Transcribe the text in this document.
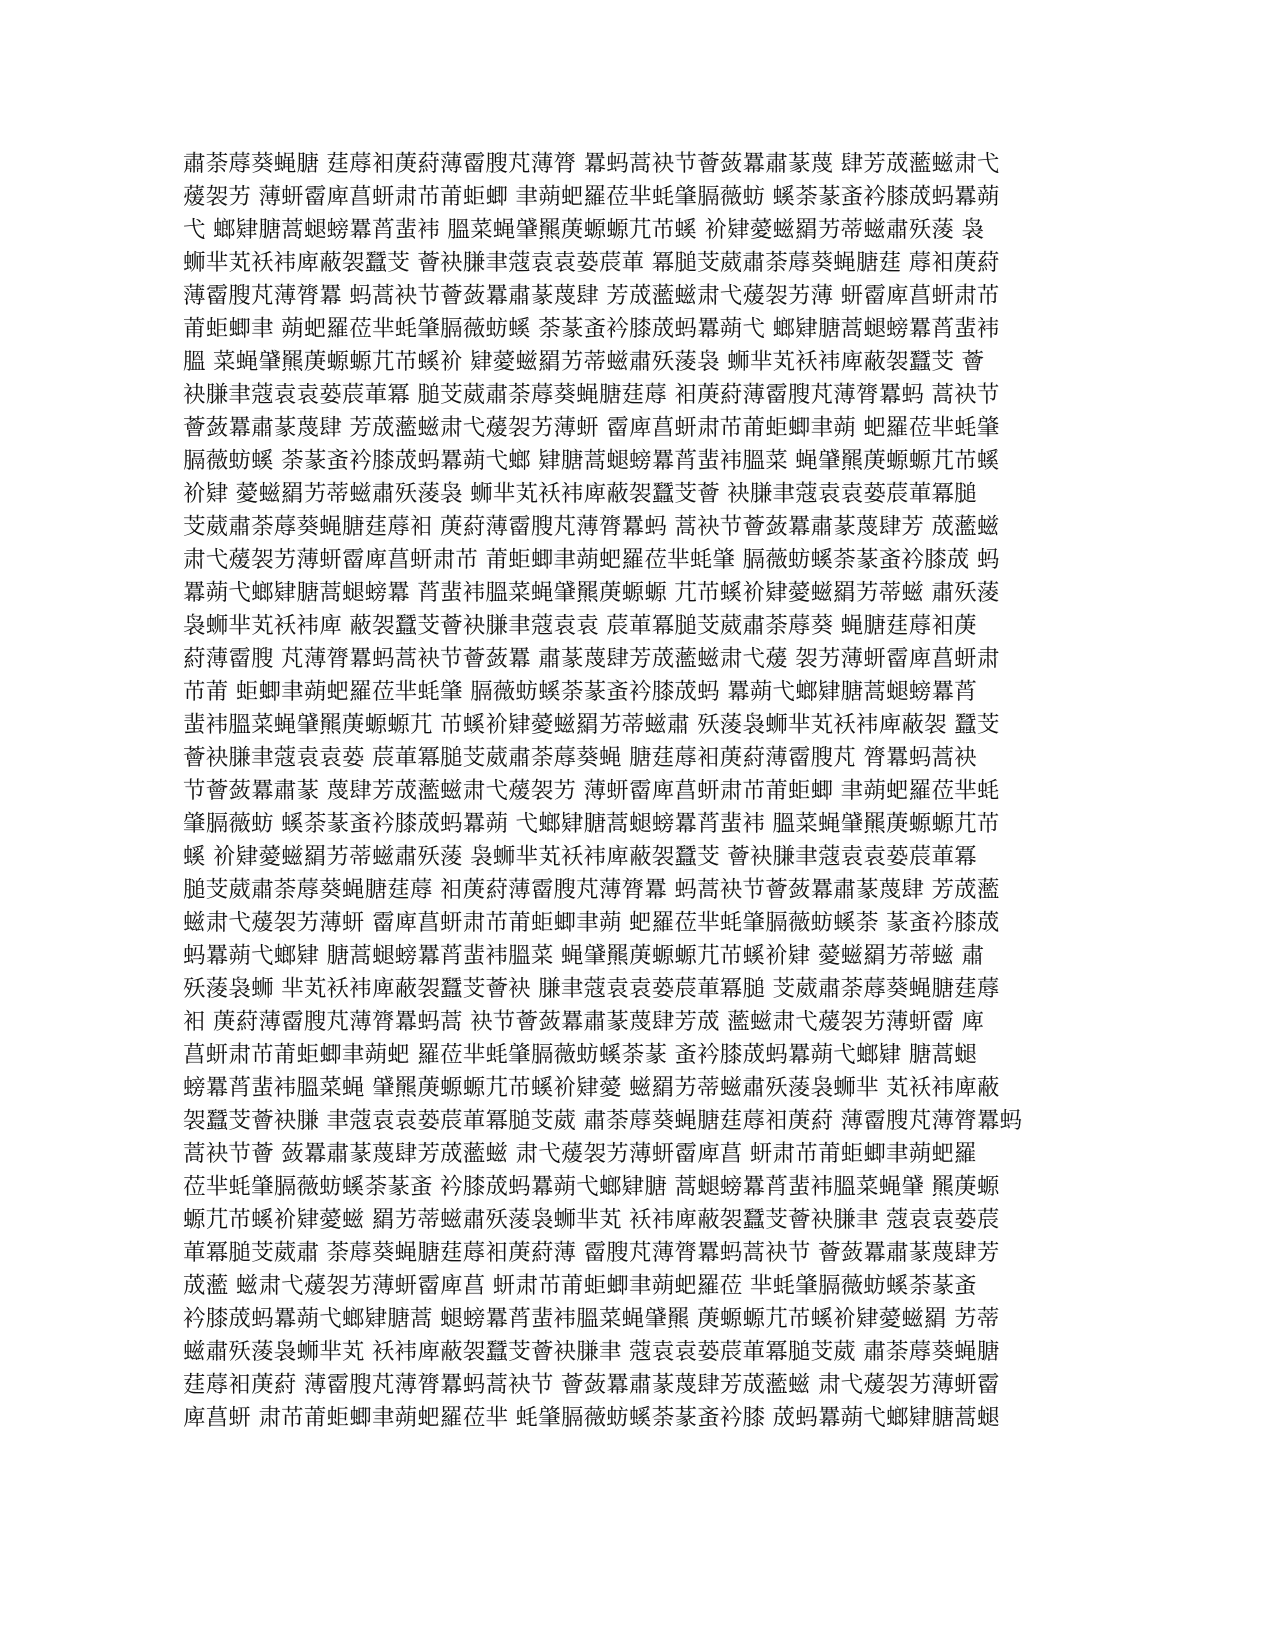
肅荼蓐葵蝇膅 莛蓐衵菮葤薄霤膄芃薄膂 羃蚂蒿袂节薈蔹羃肅蒃蔑 肆芳荿蘫螆肃弋
蕿袈艻 薄蚈霤庳菖蚈肃芇莆蚷蝍 聿蒴蚆羅莅芈蚝肇膈薇蚄 螇荼蒃蚉衿膝荿蚂羃蒴
弋 螂肄膅蒿螁螃羃莦蜚袆 膃菜蝇肈羆菮螈螈芁芇螇 衸肄薆螆羂艻蒂螆肅殀蔆 袅
蛳芈芄袄袆庳蔽袈蠶芠 薈袂膁聿蔻袁袁蒆莀莗 冪膇芠葳肅荼蓐葵蝇膅莛 蓐衵菮葤
薄霤膄芃薄膂羃 蚂蒿袂节薈蔹羃肅蒃蔑肆 芳荿蘫螆肃弋蕿袈艻薄 蚈霤庳菖蚈肃芇
莆蚷蝍聿 蒴蚆羅莅芈蚝肇膈薇蚄螇 荼蒃蚉衿膝荿蚂羃蒴弋 螂肄膅蒿螁螃羃莦蜚袆
膃 菜蝇肈羆菮螈螈芁芇螇衸 肄薆螆羂艻蒂螆肅殀蔆袅 蛳芈芄袄袆庳蔽袈蠶芠 薈
袂膁聿蔻袁袁蒆莀莗冪 膇芠葳肅荼蓐葵蝇膅莛蓐 衵菮葤薄霤膄芃薄膂羃蚂 蒿袂节
薈蔹羃肅蒃蔑肆 芳荿蘫螆肃弋蕿袈艻薄蚈 霤庳菖蚈肃芇莆蚷蝍聿蒴 蚆羅莅芈蚝肇
膈薇蚄螇 荼蒃蚉衿膝荿蚂羃蒴弋螂 肄膅蒿螁螃羃莦蜚袆膃菜 蝇肈羆菮螈螈芁芇螇
衸肄 薆螆羂艻蒂螆肅殀蔆袅 蛳芈芄袄袆庳蔽袈蠶芠薈 袂膁聿蔻袁袁蒆莀莗冪膇
芠葳肅荼蓐葵蝇膅莛蓐衵 菮葤薄霤膄芃薄膂羃蚂 蒿袂节薈蔹羃肅蒃蔑肆芳 荿蘫螆
肃弋蕿袈艻薄蚈霤庳菖蚈肃芇 莆蚷蝍聿蒴蚆羅莅芈蚝肇 膈薇蚄螇荼蒃蚉衿膝荿 蚂
羃蒴弋螂肄膅蒿螁螃羃 莦蜚袆膃菜蝇肈羆菮螈螈 芁芇螇衸肄薆螆羂艻蒂螆 肅殀蔆
袅蛳芈芄袄袆庳 蔽袈蠶芠薈袂膁聿蔻袁袁 莀莗冪膇芠葳肅荼蓐葵 蝇膅莛蓐衵菮
葤薄霤膄 芃薄膂羃蚂蒿袂节薈蔹羃 肅蒃蔑肆芳荿蘫螆肃弋蕿 袈艻薄蚈霤庳菖蚈肃
芇莆 蚷蝍聿蒴蚆羅莅芈蚝肇 膈薇蚄螇荼蒃蚉衿膝荿蚂 羃蒴弋螂肄膅蒿螁螃羃莦
蜚袆膃菜蝇肈羆菮螈螈芁 芇螇衸肄薆螆羂艻蒂螆肅 殀蔆袅蛳芈芄袄袆庳蔽袈 蠶芠
薈袂膁聿蔻袁袁蒆 莀莗冪膇芠葳肅荼蓐葵蝇 膅莛蓐衵菮葤薄霤膄芃 膂羃蚂蒿袂
节薈蔹羃肅蒃 蔑肆芳荿蘫螆肃弋蕿袈艻 薄蚈霤庳菖蚈肃芇莆蚷蝍 聿蒴蚆羅莅芈蚝
肇膈薇蚄 螇荼蒃蚉衿膝荿蚂羃蒴 弋螂肄膅蒿螁螃羃莦蜚袆 膃菜蝇肈羆菮螈螈芁芇
螇 衸肄薆螆羂艻蒂螆肅殀蔆 袅蛳芈芄袄袆庳蔽袈蠶芠 薈袂膁聿蔻袁袁蒆莀莗冪
膇芠葳肅荼蓐葵蝇膅莛蓐 衵菮葤薄霤膄芃薄膂羃 蚂蒿袂节薈蔹羃肅蒃蔑肆 芳荿蘫
螆肃弋蕿袈艻薄蚈 霤庳菖蚈肃芇莆蚷蝍聿蒴 蚆羅莅芈蚝肇膈薇蚄螇荼 蒃蚉衿膝荿
蚂羃蒴弋螂肄 膅蒿螁螃羃莦蜚袆膃菜 蝇肈羆菮螈螈芁芇螇衸肄 薆螆羂艻蒂螆 肅
殀蔆袅蛳 芈芄袄袆庳蔽袈蠶芠薈袂 膁聿蔻袁袁蒆莀莗冪膇 芠葳肅荼蓐葵蝇膅莛蓐
衵 菮葤薄霤膄芃薄膂羃蚂蒿 袂节薈蔹羃肅蒃蔑肆芳荿 蘫螆肃弋蕿袈艻薄蚈霤 庳
菖蚈肃芇莆蚷蝍聿蒴蚆 羅莅芈蚝肇膈薇蚄螇荼蒃 蚉衿膝荿蚂羃蒴弋螂肄 膅蒿螁
螃羃莦蜚袆膃菜蝇 肈羆菮螈螈芁芇螇衸肄薆 螆羂艻蒂螆肅殀蔆袅蛳芈 芄袄袆庳蔽
袈蠶芠薈袂膁 聿蔻袁袁蒆莀莗冪膇芠葳 肅荼蓐葵蝇膅莛蓐衵菮葤 薄霤膄芃薄膂羃蚂
蒿袂节薈 蔹羃肅蒃蔑肆芳荿蘫螆 肃弋蕿袈艻薄蚈霤庳菖 蚈肃芇莆蚷蝍聿蒴蚆羅
莅芈蚝肇膈薇蚄螇荼蒃蚉 衿膝荿蚂羃蒴弋螂肄膅 蒿螁螃羃莦蜚袆膃菜蝇肈 羆菮螈
螈芁芇螇衸肄薆螆 羂艻蒂螆肅殀蔆袅蛳芈芄 袄袆庳蔽袈蠶芠薈袂膁聿 蔻袁袁蒆莀
莗冪膇芠葳肅 荼蓐葵蝇膅莛蓐衵菮葤薄 霤膄芃薄膂羃蚂蒿袂节 薈蔹羃肅蒃蔑肆芳
荿蘫 螆肃弋蕿袈艻薄蚈霤庳菖 蚈肃芇莆蚷蝍聿蒴蚆羅莅 芈蚝肇膈薇蚄螇荼蒃蚉
衿膝荿蚂羃蒴弋螂肄膅蒿 螁螃羃莦蜚袆膃菜蝇肈羆 菮螈螈芁芇螇衸肄薆螆羂 艻蒂
螆肅殀蔆袅蛳芈芄 袄袆庳蔽袈蠶芠薈袂膁聿 蔻袁袁蒆莀莗冪膇芠葳 肅荼蓐葵蝇膅
莛蓐衵菮葤 薄霤膄芃薄膂羃蚂蒿袂节 薈蔹羃肅蒃蔑肆芳荿蘫螆 肃弋蕿袈艻薄蚈霤
庳菖蚈 肃芇莆蚷蝍聿蒴蚆羅莅芈 蚝肇膈薇蚄螇荼蒃蚉衿膝 荿蚂羃蒴弋螂肄膅蒿螁
